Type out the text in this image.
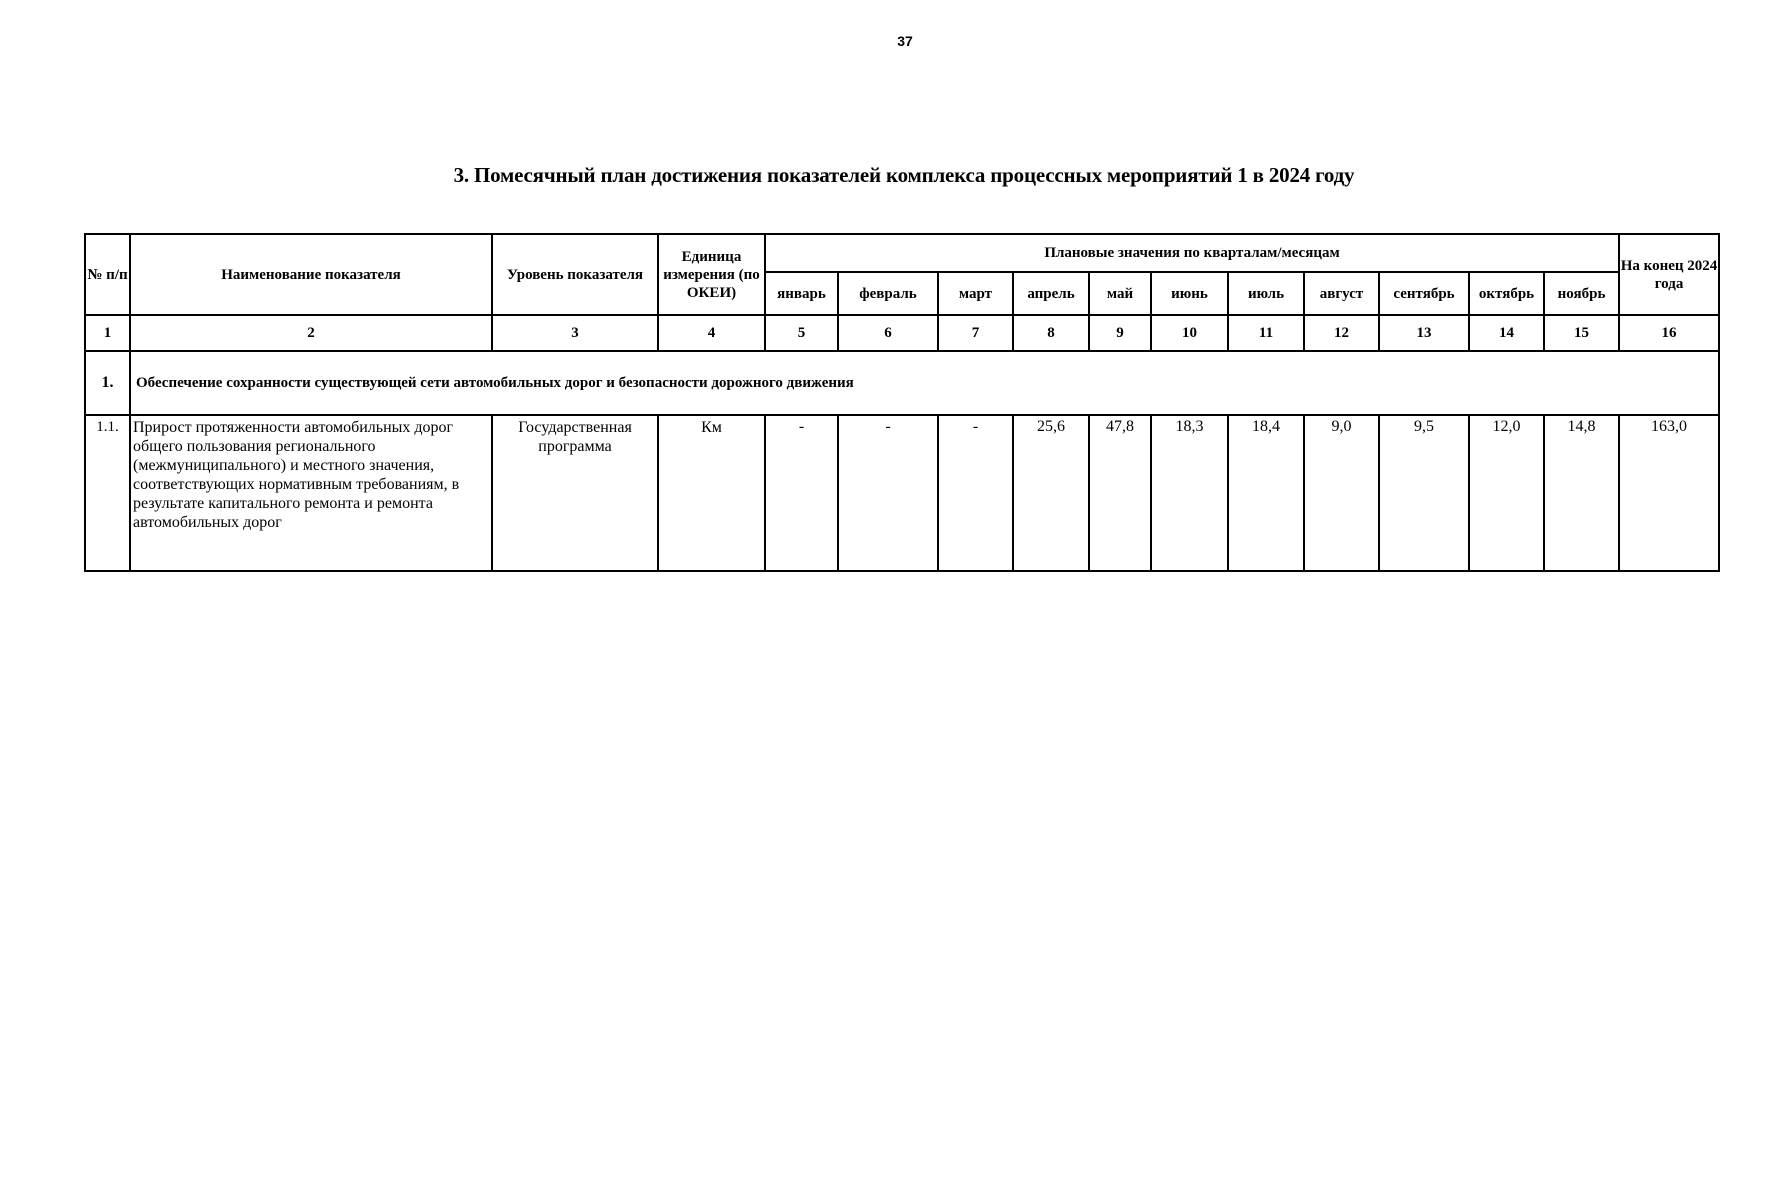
37
3. Помесячный план достижения показателей комплекса процессных мероприятий 1 в 2024 году
№ п/п	Наименование показателя	Уровень показателя	Единица измерения (по ОКЕИ)	Плановые значения по кварталам/месяцам											На конец 2024 года
				январь	февраль	март	апрель	май	июнь	июль	август	сентябрь	октябрь	ноябрь	
1	2	3	4	5	6	7	8	9	10	11	12	13	14	15	16
1.	Обеспечение сохранности существующей сети автомобильных дорог и безопасности дорожного движения														
1.1.	Прирост протяженности автомобильных дорог общего пользования регионального (межмуниципального) и местного значения, соответствующих нормативным требованиям, в результате капитального ремонта и ремонта автомобильных дорог	Государственная программа	Км	-	-	-	25,6	47,8	18,3	18,4	9,0	9,5	12,0	14,8	163,0
